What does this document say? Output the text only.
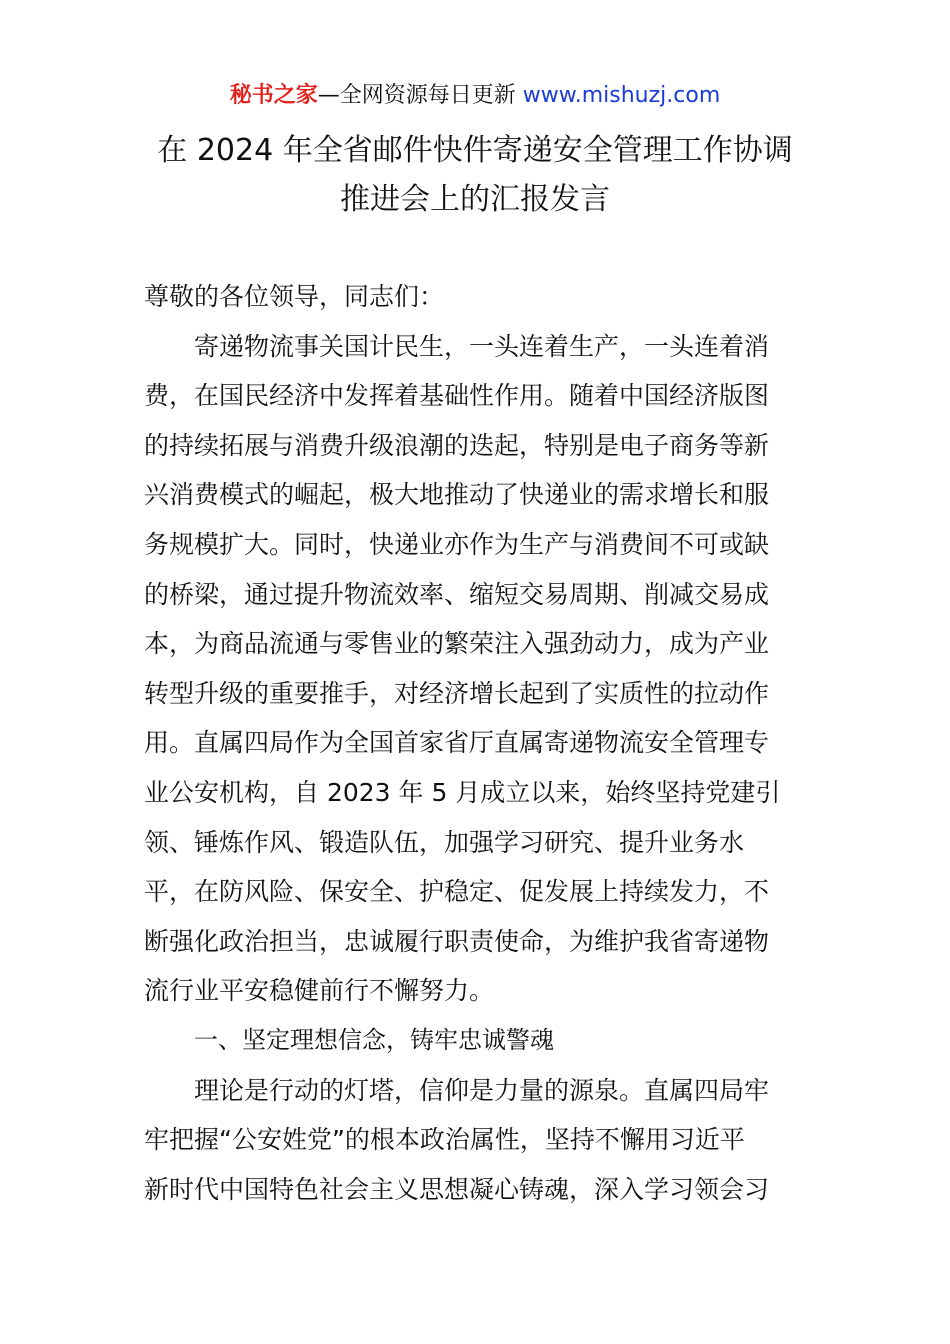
秘书之家—全网资源每日更新 www.mishuzj.com
在 2024 年全省邮件快件寄递安全管理工作协调
推进会上的汇报发言
尊敬的各位领导，同志们：
寄递物流事关国计民生，一头连着生产，一头连着消
费，在国民经济中发挥着基础性作用。随着中国经济版图
的持续拓展与消费升级浪潮的迭起，特别是电子商务等新
兴消费模式的崛起，极大地推动了快递业的需求增长和服
务规模扩大。同时，快递业亦作为生产与消费间不可或缺
的桥梁，通过提升物流效率、缩短交易周期、削减交易成
本，为商品流通与零售业的繁荣注入强劲动力，成为产业
转型升级的重要推手，对经济增长起到了实质性的拉动作
用。直属四局作为全国首家省厅直属寄递物流安全管理专
业公安机构，自 2023 年 5 月成立以来，始终坚持党建引
领、锤炼作风、锻造队伍，加强学习研究、提升业务水
平，在防风险、保安全、护稳定、促发展上持续发力，不
断强化政治担当，忠诚履行职责使命，为维护我省寄递物
流行业平安稳健前行不懈努力。
一、坚定理想信念，铸牢忠诚警魂
理论是行动的灯塔，信仰是力量的源泉。直属四局牢
牢把握“公安姓党”的根本政治属性，坚持不懈用习近平
新时代中国特色社会主义思想凝心铸魂，深入学习领会习
